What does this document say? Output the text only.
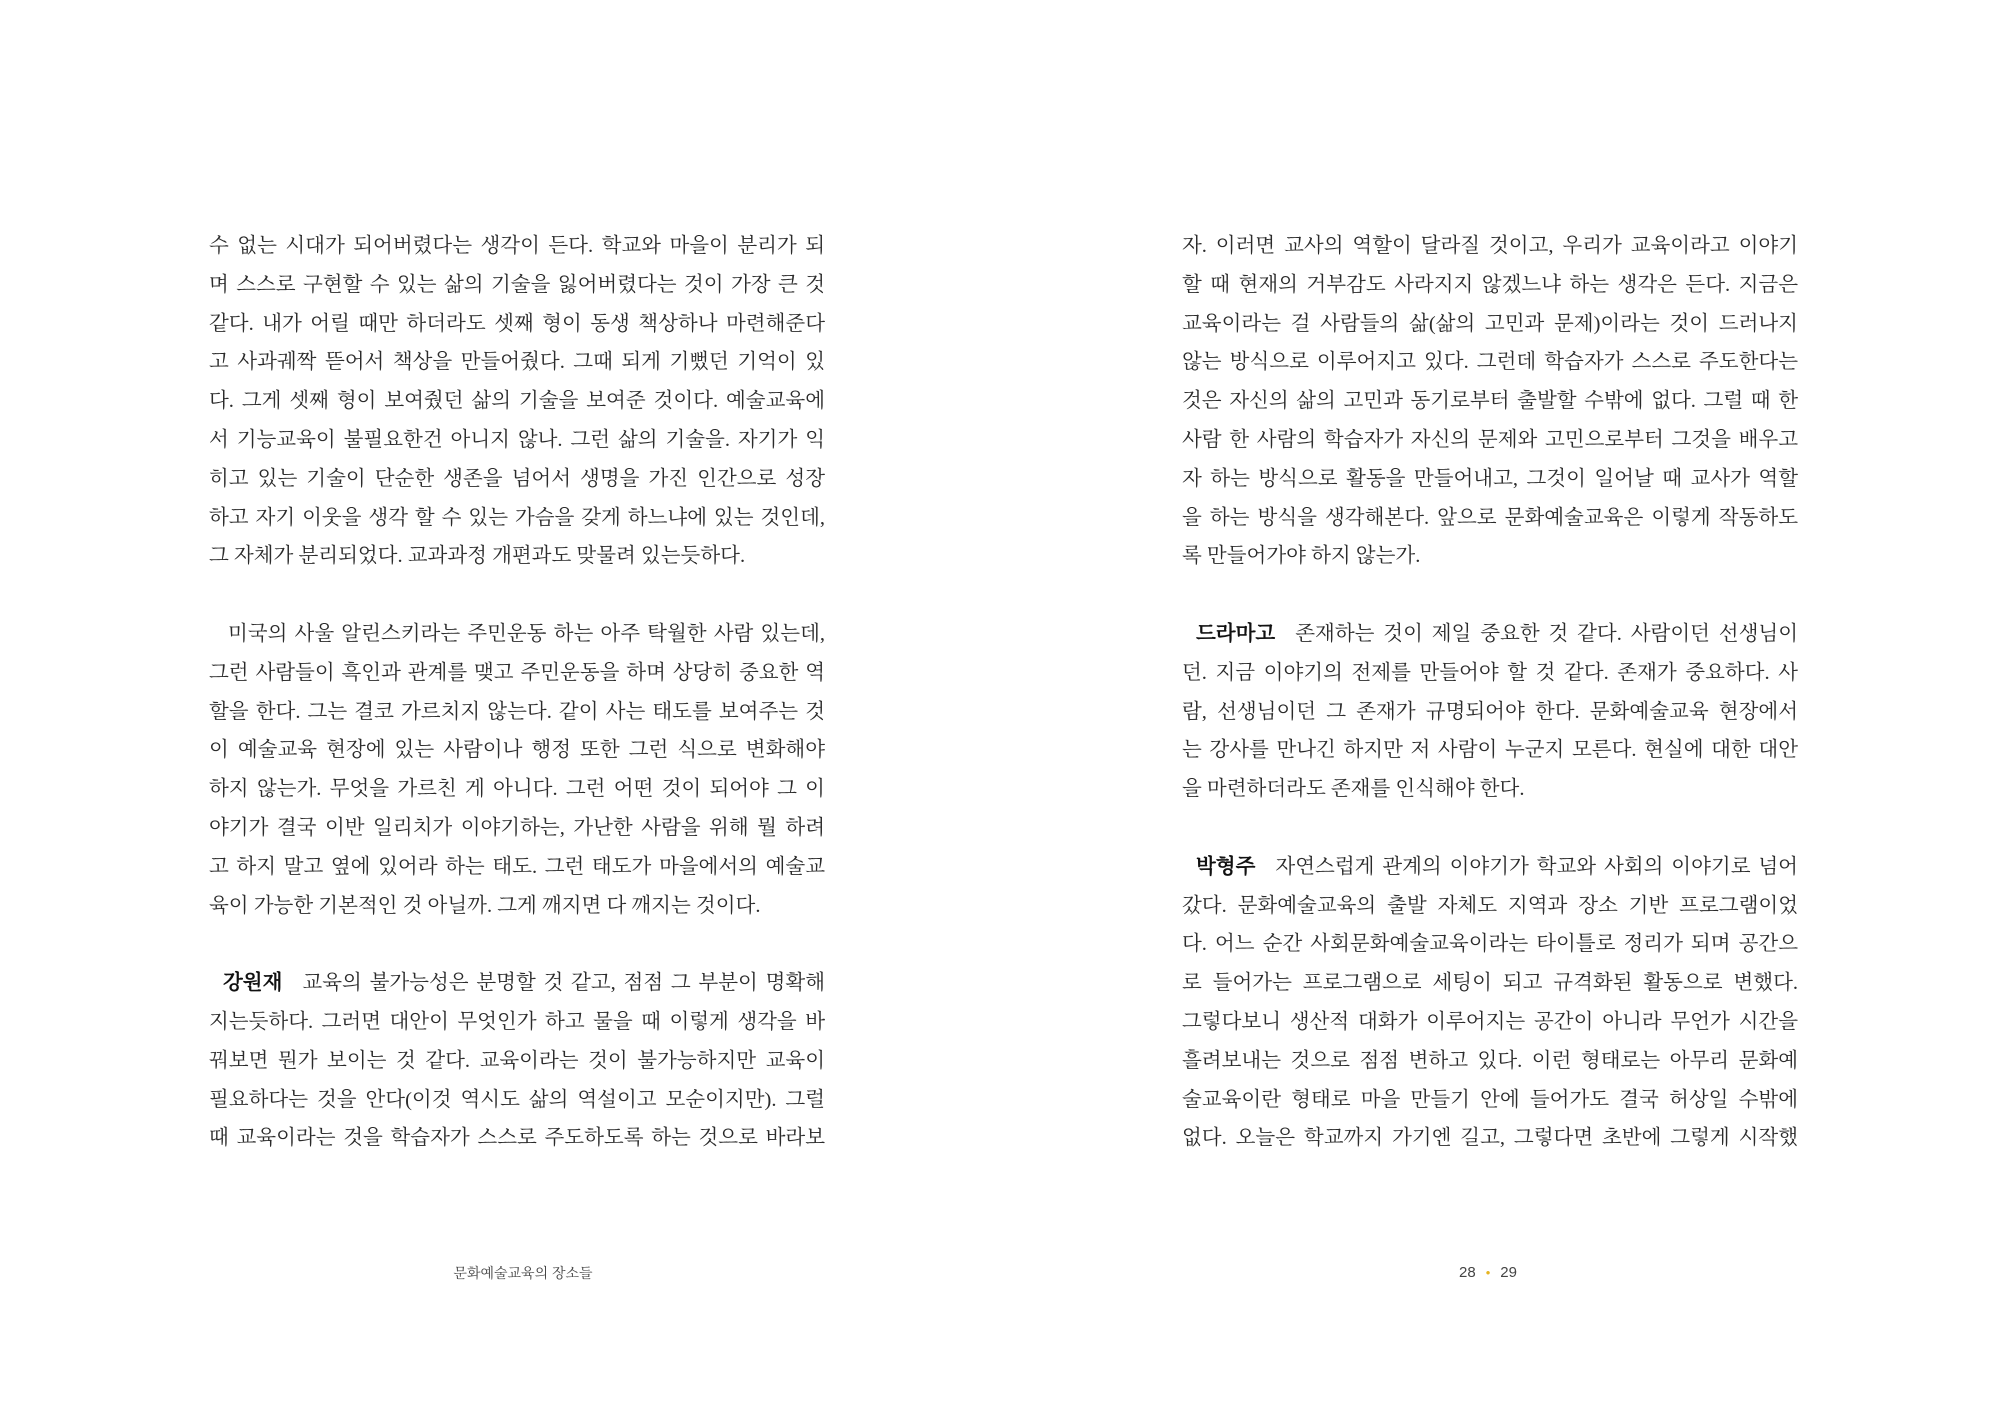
수 없는 시대가 되어버렸다는 생각이 든다. 학교와 마을이 분리가 되
며 스스로 구현할 수 있는 삶의 기술을 잃어버렸다는 것이 가장 큰 것
같다. 내가 어릴 때만 하더라도 셋째 형이 동생 책상하나 마련해준다
고 사과궤짝 뜯어서 책상을 만들어줬다. 그때 되게 기뻤던 기억이 있
다. 그게 셋째 형이 보여줬던 삶의 기술을 보여준 것이다. 예술교육에
서 기능교육이 불필요한건 아니지 않나. 그런 삶의 기술을. 자기가 익
히고 있는 기술이 단순한 생존을 넘어서 생명을 가진 인간으로 성장
하고 자기 이웃을 생각 할 수 있는 가슴을 갖게 하느냐에 있는 것인데,
그 자체가 분리되었다. 교과과정 개편과도 맞물려 있는듯하다.
미국의 사울 알린스키라는 주민운동 하는 아주 탁월한 사람 있는데,
그런 사람들이 흑인과 관계를 맺고 주민운동을 하며 상당히 중요한 역
할을 한다. 그는 결코 가르치지 않는다. 같이 사는 태도를 보여주는 것
이 예술교육 현장에 있는 사람이나 행정 또한 그런 식으로 변화해야
하지 않는가. 무엇을 가르친 게 아니다. 그런 어떤 것이 되어야 그 이
야기가 결국 이반 일리치가 이야기하는, 가난한 사람을 위해 뭘 하려
고 하지 말고 옆에 있어라 하는 태도. 그런 태도가 마을에서의 예술교
육이 가능한 기본적인 것 아닐까. 그게 깨지면 다 깨지는 것이다.
강원재 교육의 불가능성은 분명할 것 같고, 점점 그 부분이 명확해
지는듯하다. 그러면 대안이 무엇인가 하고 물을 때 이렇게 생각을 바
꿔보면 뭔가 보이는 것 같다. 교육이라는 것이 불가능하지만 교육이
필요하다는 것을 안다(이것 역시도 삶의 역설이고 모순이지만). 그럴
때 교육이라는 것을 학습자가 스스로 주도하도록 하는 것으로 바라보
문화예술교육의 장소들
자. 이러면 교사의 역할이 달라질 것이고, 우리가 교육이라고 이야기
할 때 현재의 거부감도 사라지지 않겠느냐 하는 생각은 든다. 지금은
교육이라는 걸 사람들의 삶(삶의 고민과 문제)이라는 것이 드러나지
않는 방식으로 이루어지고 있다. 그런데 학습자가 스스로 주도한다는
것은 자신의 삶의 고민과 동기로부터 출발할 수밖에 없다. 그럴 때 한
사람 한 사람의 학습자가 자신의 문제와 고민으로부터 그것을 배우고
자 하는 방식으로 활동을 만들어내고, 그것이 일어날 때 교사가 역할
을 하는 방식을 생각해본다. 앞으로 문화예술교육은 이렇게 작동하도
록 만들어가야 하지 않는가.
드라마고 존재하는 것이 제일 중요한 것 같다. 사람이던 선생님이
던. 지금 이야기의 전제를 만들어야 할 것 같다. 존재가 중요하다. 사
람, 선생님이던 그 존재가 규명되어야 한다. 문화예술교육 현장에서
는 강사를 만나긴 하지만 저 사람이 누군지 모른다. 현실에 대한 대안
을 마련하더라도 존재를 인식해야 한다.
박형주 자연스럽게 관계의 이야기가 학교와 사회의 이야기로 넘어
갔다. 문화예술교육의 출발 자체도 지역과 장소 기반 프로그램이었
다. 어느 순간 사회문화예술교육이라는 타이틀로 정리가 되며 공간으
로 들어가는 프로그램으로 세팅이 되고 규격화된 활동으로 변했다.
그렇다보니 생산적 대화가 이루어지는 공간이 아니라 무언가 시간을
흘려보내는 것으로 점점 변하고 있다. 이런 형태로는 아무리 문화예
술교육이란 형태로 마을 만들기 안에 들어가도 결국 허상일 수밖에
없다. 오늘은 학교까지 가기엔 길고, 그렇다면 초반에 그렇게 시작했
28 • 29
